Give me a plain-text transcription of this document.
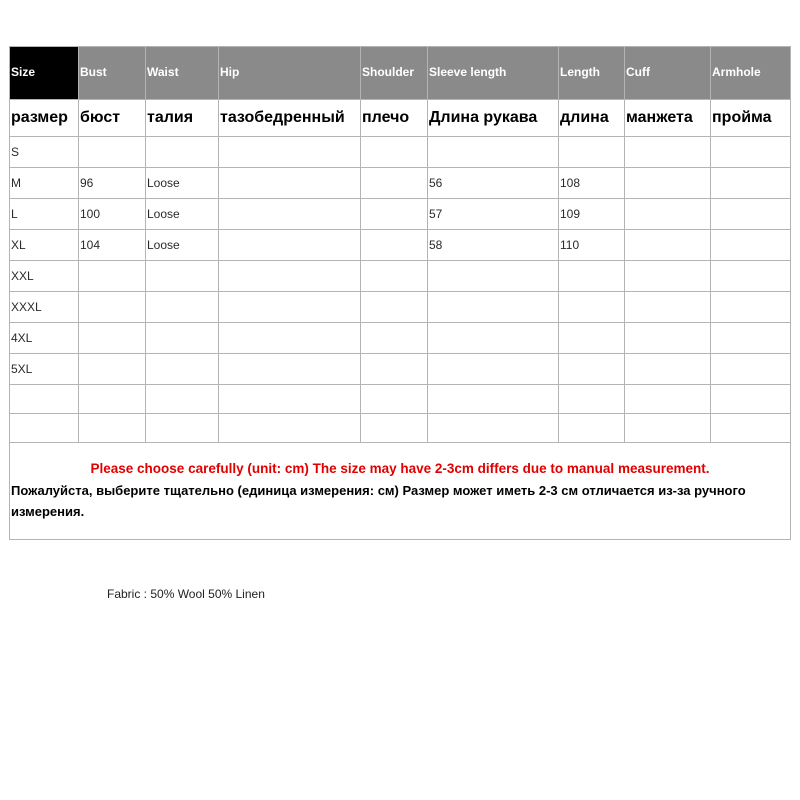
Size	Bust	Waist	Hip	Shoulder	Sleeve length	Length	Cuff	Armhole
размер	бюст	талия	тазобедренный	плечо	Длина рукава	длина	манжета	пройма
S								
M	96	Loose			56	108		
L	100	Loose			57	109		
XL	104	Loose			58	110		
XXL								
XXXL								
4XL								
5XL								

Please choose carefully (unit: cm) The size may have 2-3cm differs due to manual measurement.
Пожалуйста, выберите тщательно (единица измерения: см) Размер может иметь 2-3 см отличается из-за ручного измерения.								
Fabric : 50% Wool 50% Linen
